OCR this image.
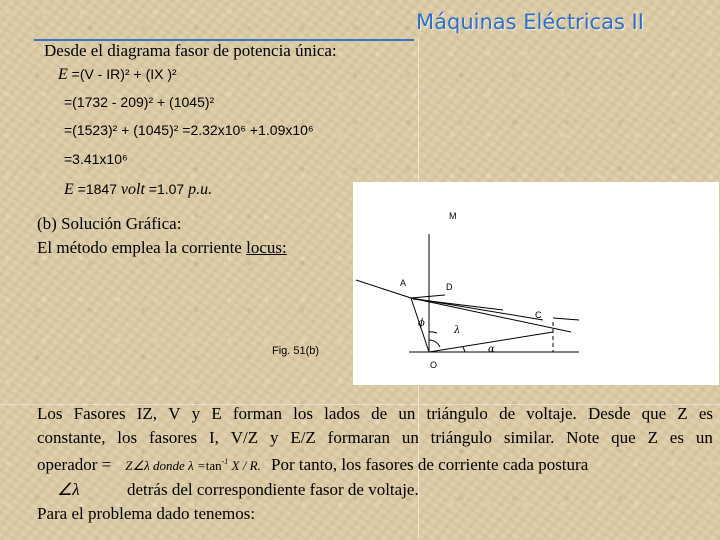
Máquinas Eléctricas II
Desde el diagrama fasor de potencia única:
E =(V - IR)² + (IX )²
=(1732 - 209)² + (1045)²
=(1523)² + (1045)² =2.32x10⁶ +1.09x10⁶
=3.41x10⁶
E =1847 volt =1.07 p.u.
(b) Solución Gráfica:
El método emplea la corriente locus:
M
A	D
C
O
ϕ
λ
α
Fig. 51(b)
Los Fasores IZ, V y E forman los lados de un triángulo de voltaje. Desde que Z es
constante, los fasores I, V/Z y E/Z formaran un triángulo similar. Note que Z es un
operador = Z∠λ donde $\lambda =\tan^{-1}$ X / R. Por tanto, los fasores de corriente cada postura
∠λ	detrás del correspondiente fasor de voltaje.
Para el problema dado tenemos:
